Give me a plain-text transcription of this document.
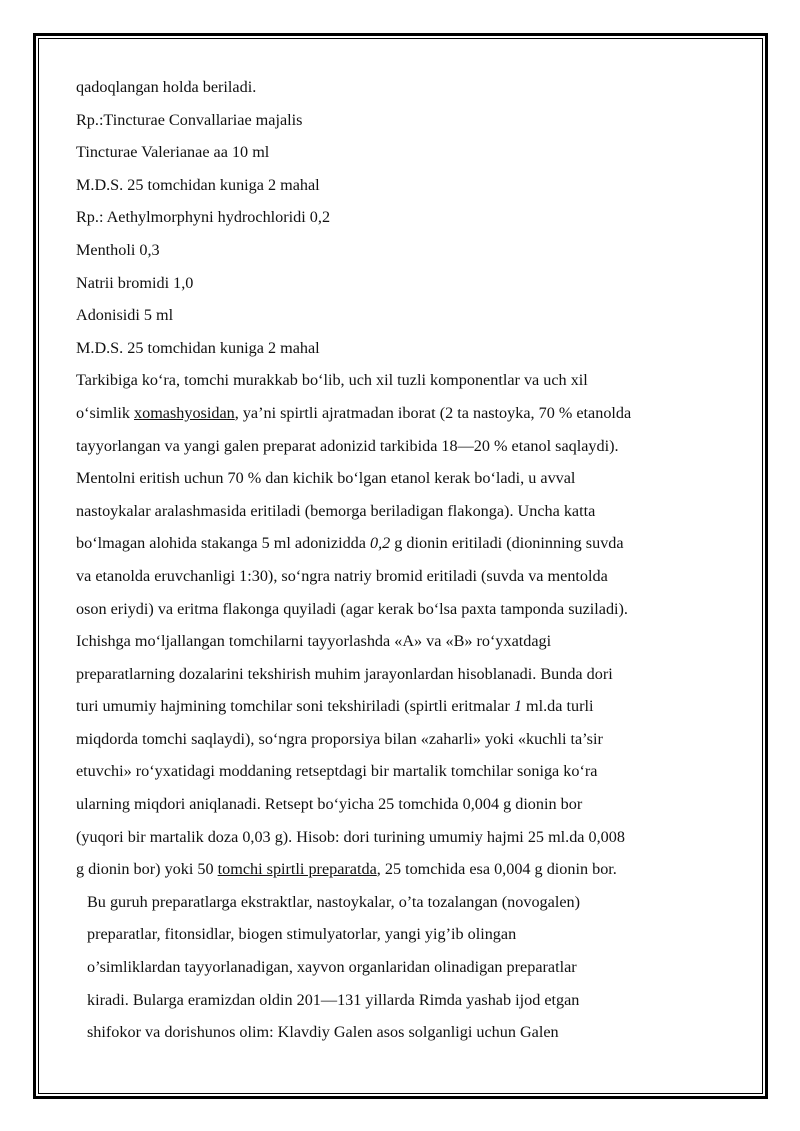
qadoqlangan holda beriladi.

Rp.:Tincturae Convallariae majalis

Tincturae Valerianae aa 10 ml

M.D.S. 25 tomchidan kuniga 2 mahal

Rp.: Aethylmorphyni hydrochloridi 0,2

Mentholi 0,3

Natrii bromidi 1,0

Adonisidi 5 ml

M.D.S. 25 tomchidan kuniga 2 mahal

Tarkibiga ko‘ra, tomchi murakkab bo‘lib, uch xil tuzli komponentlar va uch xil

o‘simlik xomashyosidan, ya’ni spirtli ajratmadan iborat (2 ta nastoyka, 70 % etanolda

tayyorlangan va yangi galen preparat adonizid tarkibida 18—20 % etanol saqlaydi).

Mentolni eritish uchun 70 % dan kichik bo‘lgan etanol kerak bo‘ladi, u avval

nastoykalar aralashmasida eritiladi (bemorga beriladigan flakonga). Uncha katta

bo‘lmagan alohida stakanga 5 ml adonizidda 0,2 g dionin eritiladi (dioninning suvda

va etanolda eruvchanligi 1:30), so‘ngra natriy bromid eritiladi (suvda va mentolda

oson eriydi) va eritma flakonga quyiladi (agar kerak bo‘lsa paxta tamponda suziladi).

Ichishga mo‘ljallangan tomchilarni tayyorlashda «A» va «B» ro‘yxatdagi

preparatlarning dozalarini tekshirish muhim jarayonlardan hisoblanadi. Bunda dori

turi umumiy hajmining tomchilar soni tekshiriladi (spirtli eritmalar 1 ml.da turli

miqdorda tomchi saqlaydi), so‘ngra proporsiya bilan «zaharli» yoki «kuchli ta’sir

etuvchi» ro‘yxatidagi moddaning retseptdagi bir martalik tomchilar soniga ko‘ra

ularning miqdori aniqlanadi. Retsept bo‘yicha 25 tomchida 0,004 g dionin bor

(yuqori bir martalik doza 0,03 g). Hisob: dori turining umumiy hajmi 25 ml.da 0,008

g dionin bor) yoki 50 tomchi spirtli preparatda, 25 tomchida esa 0,004 g dionin bor.

Bu guruh preparatlarga ekstraktlar, nastoykalar, o’ta tozalangan (novogalen)

preparatlar, fitonsidlar, biogen stimulyatorlar, yangi yig’ib olingan

o’simliklardan tayyorlanadigan, xayvon organlaridan olinadigan preparatlar

kiradi. Bulargа eramizdan oldin 201—131 yillarda Rimda yashab ijod etgan

shifokor va dorishunos olim: Klavdiy Galen asos solganligi uchun Galen
